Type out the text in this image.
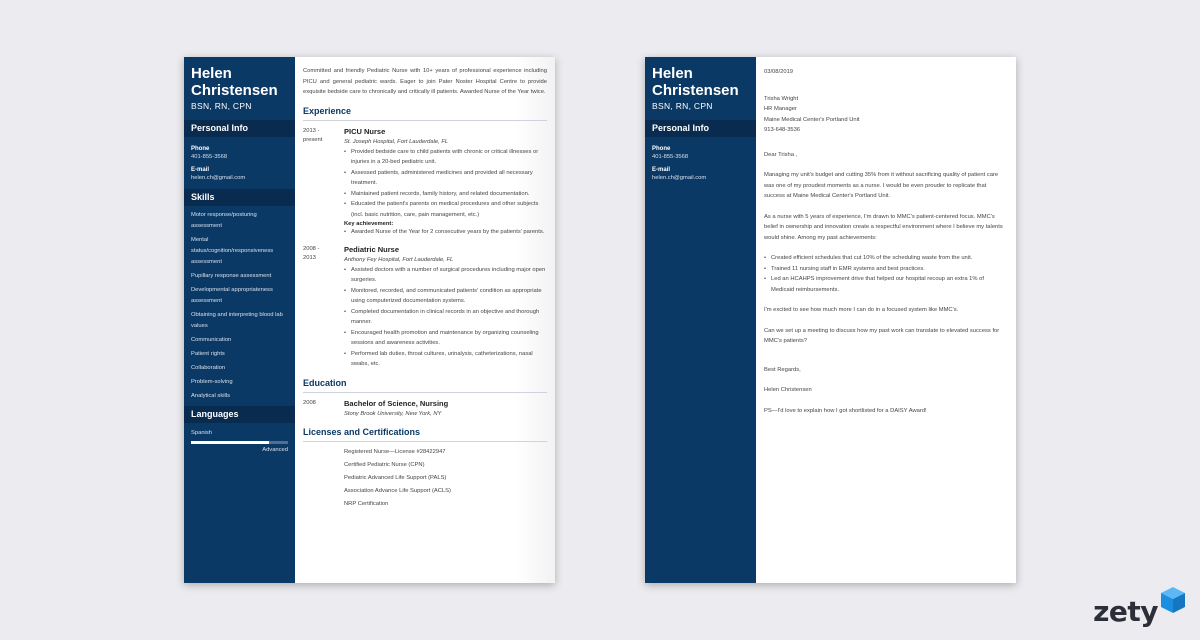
Helen
Christensen
BSN, RN, CPN
Personal Info
Phone
401-855-3568
E-mail
helen.ch@gmail.com
Skills
Motor response/posturing assessment
Mental status/cognition/responsiveness assessment
Pupillary response assessment
Developmental appropriateness assessment
Obtaining and interpreting blood lab values
Communication
Patient rights
Collaboration
Problem-solving
Analytical skills
Languages
Spanish
Advanced
Committed and friendly Pediatric Nurse with 10+ years of professional experience including PICU and general pediatric wards. Eager to join Pater Noster Hospital Centre to provide exquisite bedside care to chronically and critically ill patients. Awarded Nurse of the Year twice.
Experience
2013 -
present
PICU Nurse
St. Joseph Hospital, Fort Lauderdale, FL
• Provided bedside care to child patients with chronic or critical illnesses or injuries in a 20-bed pediatric unit.
• Assessed patients, administered medicines and provided all necessary treatment.
• Maintained patient records, family history, and related documentation.
• Educated the patient's parents on medical procedures and other subjects (incl. basic nutrition, care, pain management, etc.)
Key achievement:
• Awarded Nurse of the Year for 2 consecutive years by the patients' parents.
2008 -
2013
Pediatric Nurse
Anthony Fey Hospital, Fort Lauderdale, FL
• Assisted doctors with a number of surgical procedures including major open surgeries.
• Monitored, recorded, and communicated patients' condition as appropriate using computerized documentation systems.
• Completed documentation in clinical records in an objective and thorough manner.
• Encouraged health promotion and maintenance by organizing counseling sessions and awareness activities.
• Performed lab duties, throat cultures, urinalysis, catheterizations, nasal swabs, etc.
Education
2008	Bachelor of Science, Nursing
Stony Brook University, New York, NY
Licenses and Certifications
Registered Nurse—License #28422947
Certified Pediatric Nurse (CPN)
Pediatric Advanced Life Support (PALS)
Association Advance Life Support (ACLS)
NRP Certification
Helen
Christensen
BSN, RN, CPN
Personal Info
Phone
401-855-3568
E-mail
helen.ch@gmail.com
03/08/2019
Trisha Wright
HR Manager
Maine Medical Center's Portland Unit
913-648-3536
Dear Trisha ,
Managing my unit's budget and cutting 35% from it without sacrificing quality of patient care was one of my proudest moments as a nurse. I would be even prouder to replicate that success at Maine Medical Center's Portland Unit.
As a nurse with 5 years of experience, I'm drawn to MMC's patient-centered focus. MMC's belief in ownership and innovation create a respectful environment where I believe my talents would shine. Among my past achievements:
• Created efficient schedules that cut 10% of the scheduling waste from the unit.
• Trained 11 nursing staff in EMR systems and best practices.
• Led an HCAHPS improvement drive that helped our hospital recoup an extra 1% of Medicaid reimbursements.
I'm excited to see how much more I can do in a focused system like MMC's.
Can we set up a meeting to discuss how my past work can translate to elevated success for MMC's patients?
Best Regards,
Helen Christensen
PS—I'd love to explain how I got shortlisted for a DAISY Award!
zety
